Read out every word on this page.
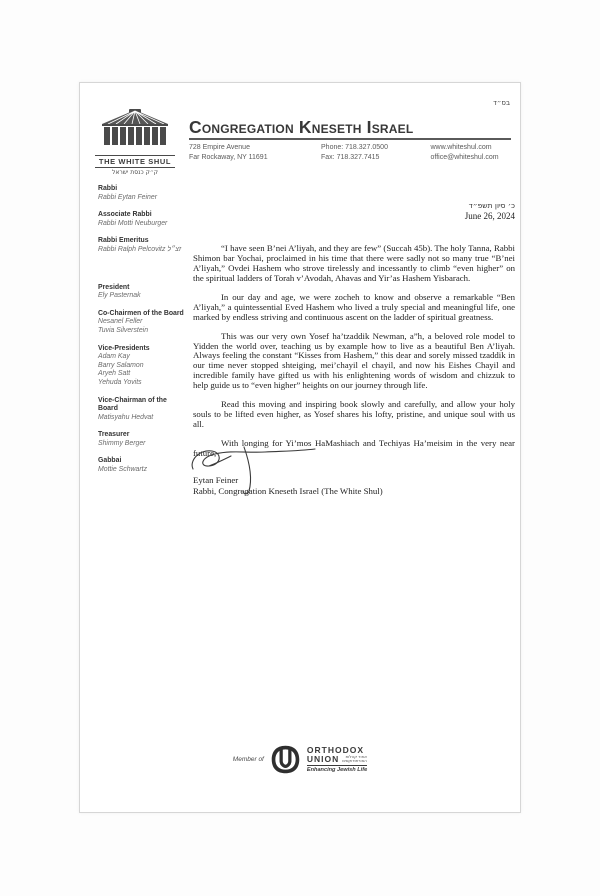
בס״ד
THE WHITE SHUL
ק״ק כנסת ישראל
Congregation Kneseth Israel
728 Empire Avenue
Far Rockaway, NY 11691
Phone: 718.327.0500
Fax: 718.327.7415
www.whiteshul.com
office@whiteshul.com
Rabbi
Rabbi Eytan Feiner
Associate Rabbi
Rabbi Motti Neuburger
Rabbi Emeritus
Rabbi Ralph Pelcovitz זצ״ל
President
Ely Pasternak
Co-Chairmen of the Board
Nesanel Feller
Tuvia Silverstein
Vice-Presidents
Adam Kay
Barry Salamon
Aryeh Satt
Yehuda Yovits
Vice-Chairman of the Board
Matisyahu Hedvat
Treasurer
Shimmy Berger
Gabbai
Mottie Schwartz
כ׳ סיון תשפ״ד
June 26, 2024

“I have seen B’nei A’liyah, and they are few” (Succah 45b). The holy Tanna, Rabbi Shimon bar Yochai, proclaimed in his time that there were sadly not so many true “B’nei A’liyah,” Ovdei Hashem who strove tirelessly and incessantly to climb “even higher” on the spiritual ladders of Torah v’Avodah, Ahavas and Yir’as Hashem Yisbarach.

In our day and age, we were zocheh to know and observe a remarkable “Ben A’liyah,” a quintessential Eved Hashem who lived a truly special and meaningful life, one marked by endless striving and continuous ascent on the ladder of spiritual greatness.

This was our very own Yosef ha’tzaddik Newman, a”h, a beloved role model to Yidden the world over, teaching us by example how to live as a beautiful Ben A’liyah. Always feeling the constant “Kisses from Hashem,” this dear and sorely missed tzaddik in our time never stopped shteiging, mei’chayil el chayil, and now his Eishes Chayil and incredible family have gifted us with his enlightening words of wisdom and chizzuk to help guide us to “even higher” heights on our journey through life.

Read this moving and inspiring book slowly and carefully, and allow your holy souls to be lifted even higher, as Yosef shares his lofty, pristine, and unique soul with us all.

With longing for Yi’mos HaMashiach and Techiyas Ha’meisim in the very near future,

Eytan Feiner
Rabbi, Congregation Kneseth Israel (The White Shul)
Member of
ORTHODOX
UNION	אחוד קהלות
האורתודוקסים
Enhancing Jewish Life
